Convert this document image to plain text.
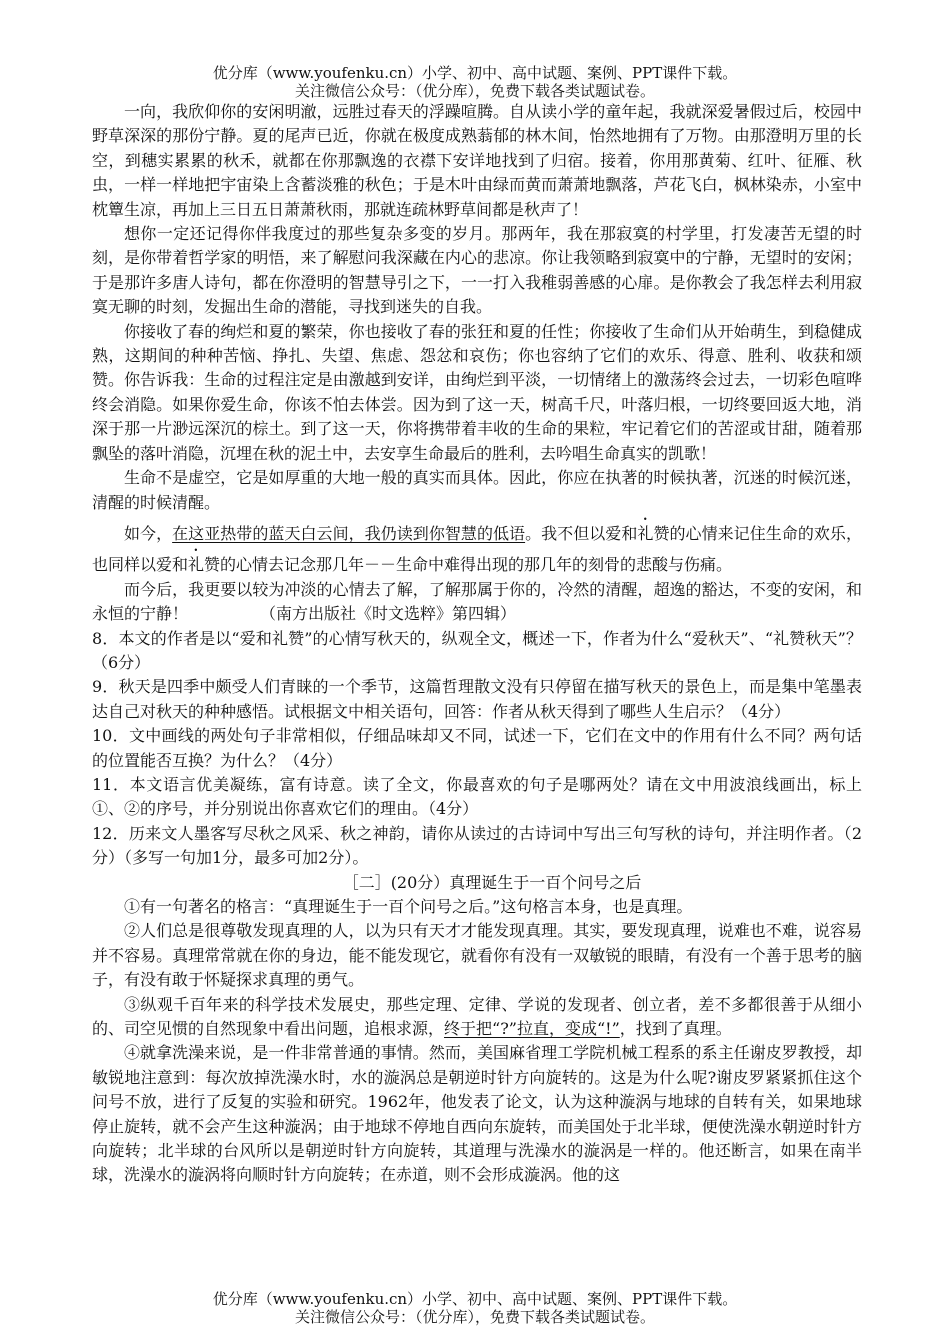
优分库（www.youfenku.cn）小学、初中、高中试题、案例、PPT课件下载。
关注微信公众号：（优分库），免费下载各类试题试卷。

一向，我欣仰你的安闲明澈，远胜过春天的浮躁喧腾。自从读小学的童年起，我就深爱暑假过后，校园中野草深深的那份宁静。夏的尾声已近，你就在极度成熟蓊郁的林木间，怡然地拥有了万物。由那澄明万里的长空，到穗实累累的秋禾，就都在你那飘逸的衣襟下安详地找到了归宿。接着，你用那黄菊、红叶、征雁、秋虫，一样一样地把宇宙染上含蓄淡雅的秋色；于是木叶由绿而黄而萧萧地飘落，芦花飞白，枫林染赤，小室中枕簟生凉，再加上三日五日萧萧秋雨，那就连疏林野草间都是秋声了！

想你一定还记得你伴我度过的那些复杂多变的岁月。那两年，我在那寂寞的村学里，打发凄苦无望的时刻，是你带着哲学家的明悟，来了解慰问我深藏在内心的悲凉。你让我领略到寂寞中的宁静，无望时的安闲；于是那许多唐人诗句，都在你澄明的智慧导引之下，一一打入我稚弱善感的心扉。是你教会了我怎样去利用寂寞无聊的时刻，发掘出生命的潜能，寻找到迷失的自我。

你接收了春的绚烂和夏的繁荣，你也接收了春的张狂和夏的任性；你接收了生命们从开始萌生，到稳健成熟，这期间的种种苦恼、挣扎、失望、焦虑、怨忿和哀伤；你也容纳了它们的欢乐、得意、胜利、收获和颂赞。你告诉我：生命的过程注定是由激越到安详，由绚烂到平淡，一切情绪上的激荡终会过去，一切彩色喧哗终会消隐。如果你爱生命，你该不怕去体尝。因为到了这一天，树高千尺，叶落归根，一切终要回返大地，消深于那一片渺远深沉的棕土。到了这一天，你将携带着丰收的生命的果粒，牢记着它们的苦涩或甘甜，随着那飘坠的落叶消隐，沉埋在秋的泥土中，去安享生命最后的胜利，去吟唱生命真实的凯歌！

生命不是虚空，它是如厚重的大地一般的真实而具体。因此，你应在执著的时候执著，沉迷的时候沉迷，清醒的时候清醒。

如今，在这亚热带的蓝天白云间，我仍读到你智慧的低语。我不但以爱和礼赞的心情来记住生命的欢乐，也同样以爱和礼赞的心情去记念那几年－－生命中难得出现的那几年的刻骨的悲酸与伤痛。

而今后，我更要以较为冲淡的心情去了解，了解那属于你的，冷然的清醒，超逸的豁达，不变的安闲，和永恒的宁静！	（南方出版社《时文选粹》第四辑）

8．本文的作者是以“爱和礼赞”的心情写秋天的，纵观全文，概述一下，作者为什么“爱秋天”、“礼赞秋天”？（6分）

9．秋天是四季中颇受人们青睐的一个季节，这篇哲理散文没有只停留在描写秋天的景色上，而是集中笔墨表达自己对秋天的种种感悟。试根据文中相关语句，回答：作者从秋天得到了哪些人生启示？（4分）

10．文中画线的两处句子非常相似，仔细品味却又不同，试述一下，它们在文中的作用有什么不同？两句话的位置能否互换？为什么？（4分）

11．本文语言优美凝练，富有诗意。读了全文，你最喜欢的句子是哪两处？请在文中用波浪线画出，标上①、②的序号，并分别说出你喜欢它们的理由。（4分）

12．历来文人墨客写尽秋之风采、秋之神韵，请你从读过的古诗词中写出三句写秋的诗句，并注明作者。（2分）（多写一句加1分，最多可加2分）。

［二］(20分）真理诞生于一百个问号之后

①有一句著名的格言：“真理诞生于一百个问号之后。”这句格言本身，也是真理。

②人们总是很尊敬发现真理的人，以为只有天才才能发现真理。其实，要发现真理，说难也不难，说容易并不容易。真理常常就在你的身边，能不能发现它，就看你有没有一双敏锐的眼睛，有没有一个善于思考的脑子，有没有敢于怀疑探求真理的勇气。

③纵观千百年来的科学技术发展史，那些定理、定律、学说的发现者、创立者，差不多都很善于从细小的、司空见惯的自然现象中看出问题，追根求源，终于把“?”拉直，变成“!”，找到了真理。

④就拿洗澡来说，是一件非常普通的事情。然而，美国麻省理工学院机械工程系的系主任谢皮罗教授，却敏锐地注意到：每次放掉洗澡水时，水的漩涡总是朝逆时针方向旋转的。这是为什么呢?谢皮罗紧紧抓住这个问号不放，进行了反复的实验和研究。1962年，他发表了论文，认为这种漩涡与地球的自转有关，如果地球停止旋转，就不会产生这种漩涡；由于地球不停地自西向东旋转，而美国处于北半球，便使洗澡水朝逆时针方向旋转；北半球的台风所以是朝逆时针方向旋转，其道理与洗澡水的漩涡是一样的。他还断言，如果在南半球，洗澡水的漩涡将向顺时针方向旋转；在赤道，则不会形成漩涡。他的这

优分库（www.youfenku.cn）小学、初中、高中试题、案例、PPT课件下载。
关注微信公众号：（优分库），免费下载各类试题试卷。
